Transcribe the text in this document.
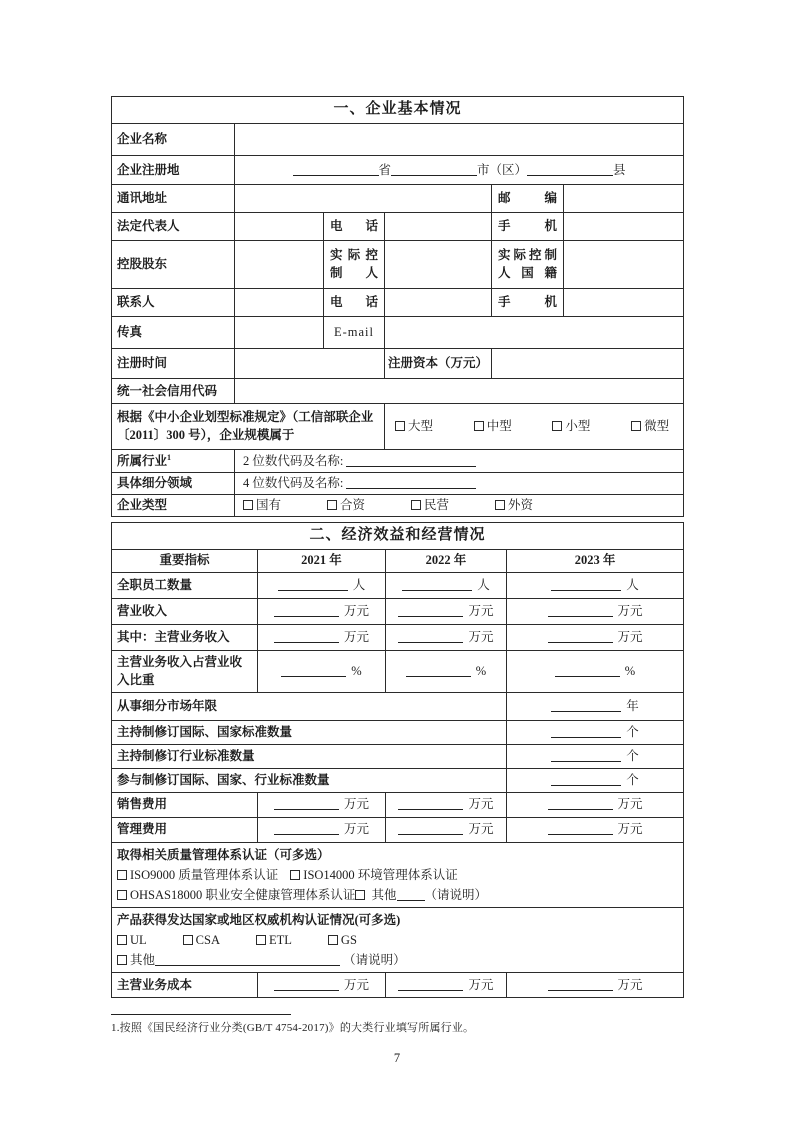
一、企业基本情况					
企业名称					
企业注册地	省 市（区） 县				
通讯地址				邮编	
法定代表人		电话		手机	
控股股东		实际控制人		实际控制人国籍	
联系人		电话		手机	
传真		E-mail			
注册时间			注册资本（万元）		
统一社会信用代码					
根据《中小企业划型标准规定》（工信部联企业〔2011〕300 号），企业规模属于			大型 中型 小型 微型		

所属行业$^1$	2 位数代码及名称:				
具体细分领域	4 位数代码及名称:				
企业类型	国有 合资 民营 外资				
二、经济效益和经营情况			
重要指标	2021 年	2022 年	2023 年
全职员工数量	人	人	人
营业收入	万元	万元	万元
其中：主营业务收入	万元	万元	万元
主营业务收入占营业收入比重	%	%	%
从事细分市场年限			年
主持制修订国际、国家标准数量			个
主持制修订行业标准数量			个
参与制修订国际、国家、行业标准数量			个
销售费用	万元	万元	万元
管理费用	万元	万元	万元

取得相关质量管理体系认证（可多选）
ISO9000 质量管理体系认证 ISO14000 环境管理体系认证
OHSAS18000 职业安全健康管理体系认证 其他 （请说明）			

产品获得发达国家或地区权威机构认证情况(可多选)
UL	CSA	ETL	GS
其他	（请说明）

主营业务成本	万元	万元	万元
1.按照《国民经济行业分类(GB/T 4754-2017)》的大类行业填写所属行业。
7
